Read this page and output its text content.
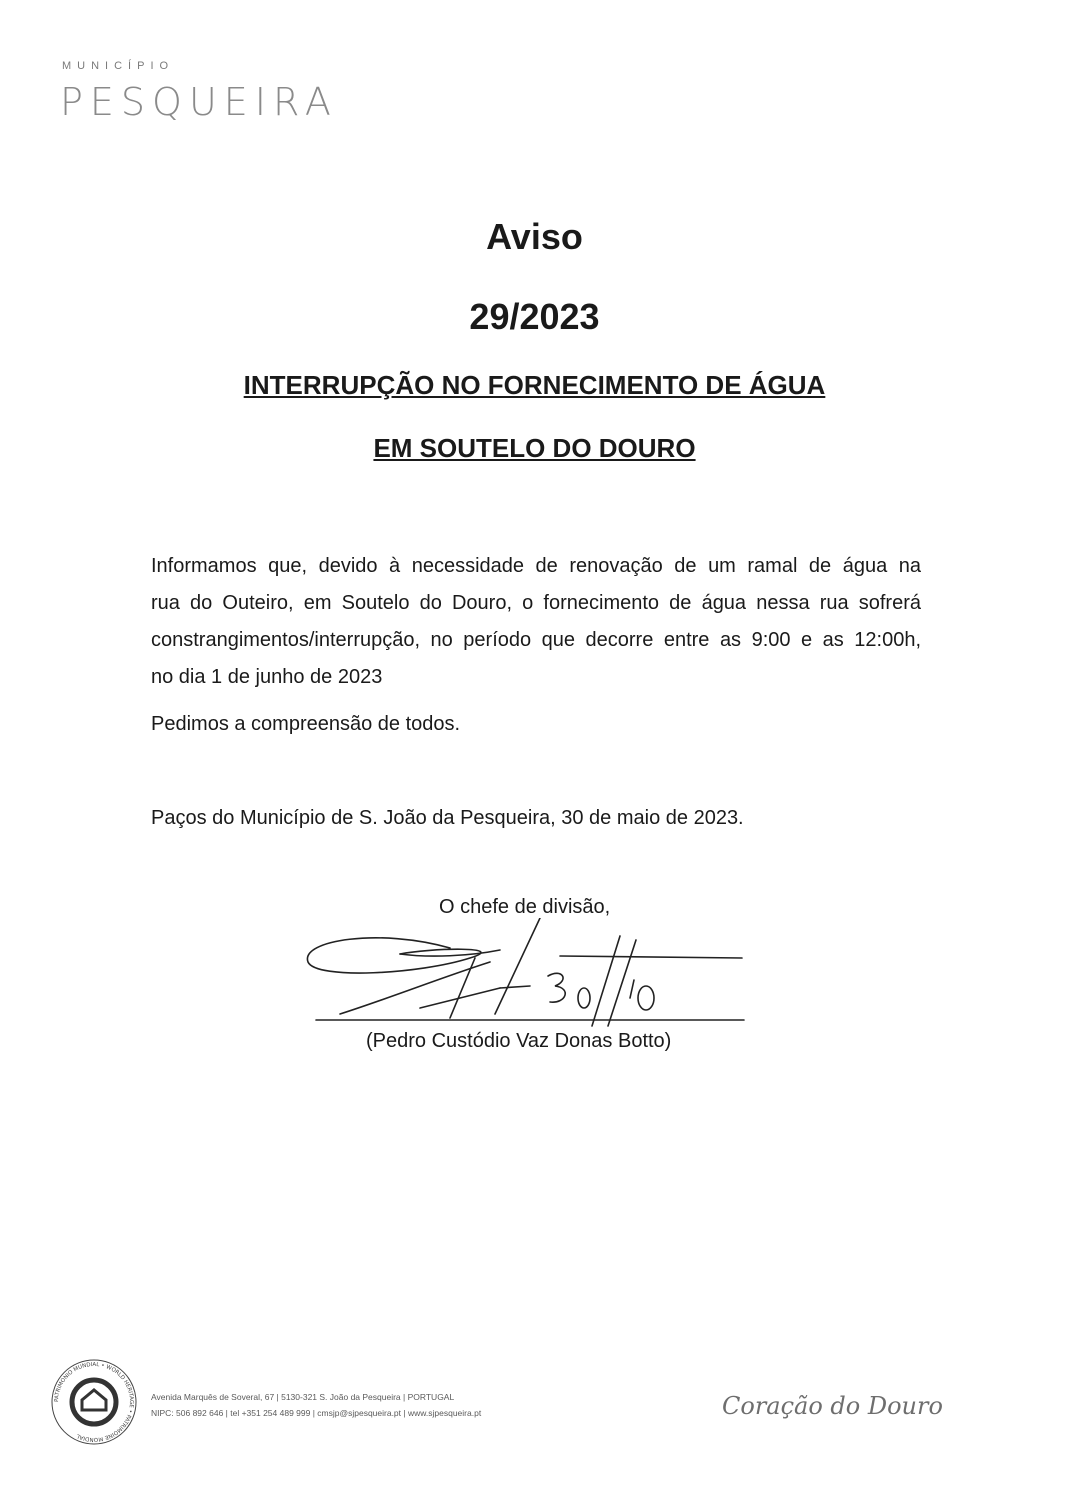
MUNICÍPIO
PESQUEIRA
Aviso
29/2023
INTERRUPÇÃO NO FORNECIMENTO DE ÁGUA
EM SOUTELO DO DOURO
Informamos que, devido à necessidade de renovação de um ramal de água na
rua do Outeiro, em Soutelo do Douro, o fornecimento de água nessa rua sofrerá
constrangimentos/interrupção, no período que decorre entre as 9:00 e as 12:00h,
no dia 1 de junho de 2023
Pedimos a compreensão de todos.
Paços do Município de S. João da Pesqueira, 30 de maio de 2023.
O chefe de divisão,
(Pedro Custódio Vaz Donas Botto)
PATRIMONIO MUNDIAL • WORLD HERITAGE • PATRIMOINE MONDIAL
Avenida Marquês de Soveral, 67 | 5130-321 S. João da Pesqueira | PORTUGAL
NIPC: 506 892 646 | tel +351 254 489 999 | cmsjp@sjpesqueira.pt | www.sjpesqueira.pt	Coração do Douro
